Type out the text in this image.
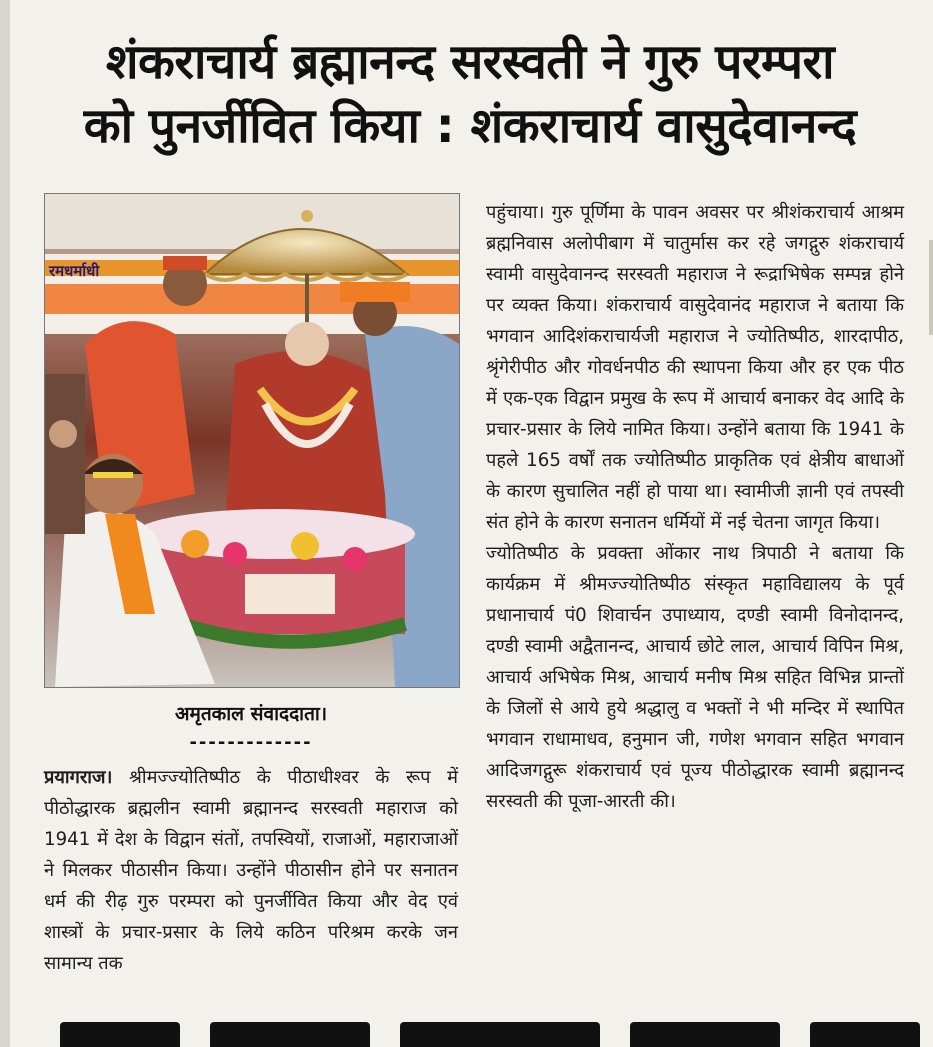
शंकराचार्य ब्रह्मानन्द सरस्वती ने गुरु परम्परा
को पुनर्जीवित किया : शंकराचार्य वासुदेवानन्द
रमधर्माधी
अमृतकाल संवाददाता।
-------------

प्रयागराज। श्रीमज्ज्योतिष्पीठ के पीठाधीश्वर के रूप में पीठोद्धारक ब्रह्मलीन स्वामी ब्रह्मानन्द सरस्वती महाराज को 1941 में देश के विद्वान संतों, तपस्वियों, राजाओं, महाराजाओं ने मिलकर पीठासीन किया। उन्होंने पीठासीन होने पर सनातन धर्म की रीढ़ गुरु परम्परा को पुनर्जीवित किया और वेद एवं शास्त्रों के प्रचार-प्रसार के लिये कठिन परिश्रम करके जन सामान्य तक

पहुंचाया। गुरु पूर्णिमा के पावन अवसर पर श्रीशंकराचार्य आश्रम ब्रह्मनिवास अलोपीबाग में चातुर्मास कर रहे जगद्गुरु शंकराचार्य स्वामी वासुदेवानन्द सरस्वती महाराज ने रूद्राभिषेक सम्पन्न होने पर व्यक्त किया। शंकराचार्य वासुदेवानंद महाराज ने बताया कि भगवान आदिशंकराचार्यजी महाराज ने ज्योतिष्पीठ, शारदापीठ, श्रृंगेरीपीठ और गोवर्धनपीठ की स्थापना किया और हर एक पीठ में एक-एक विद्वान प्रमुख के रूप में आचार्य बनाकर वेद आदि के प्रचार-प्रसार के लिये नामित किया। उन्होंने बताया कि 1941 के पहले 165 वर्षों तक ज्योतिष्पीठ प्राकृतिक एवं क्षेत्रीय बाधाओं के कारण सुचालित नहीं हो पाया था। स्वामीजी ज्ञानी एवं तपस्वी संत होने के कारण सनातन धर्मियों में नई चेतना जागृत किया।

ज्योतिष्पीठ के प्रवक्ता ओंकार नाथ त्रिपाठी ने बताया कि कार्यक्रम में श्रीमज्ज्योतिष्पीठ संस्कृत महाविद्यालय के पूर्व प्रधानाचार्य पं0 शिवार्चन उपाध्याय, दण्डी स्वामी विनोदानन्द, दण्डी स्वामी अद्वैतानन्द, आचार्य छोटे लाल, आचार्य विपिन मिश्र, आचार्य अभिषेक मिश्र, आचार्य मनीष मिश्र सहित विभिन्न प्रान्तों के जिलों से आये हुये श्रद्धालु व भक्तों ने भी मन्दिर में स्थापित भगवान राधामाधव, हनुमान जी, गणेश भगवान सहित भगवान आदिजगद्गुरू शंकराचार्य एवं पूज्य पीठोद्धारक स्वामी ब्रह्मानन्द सरस्वती की पूजा-आरती की।
